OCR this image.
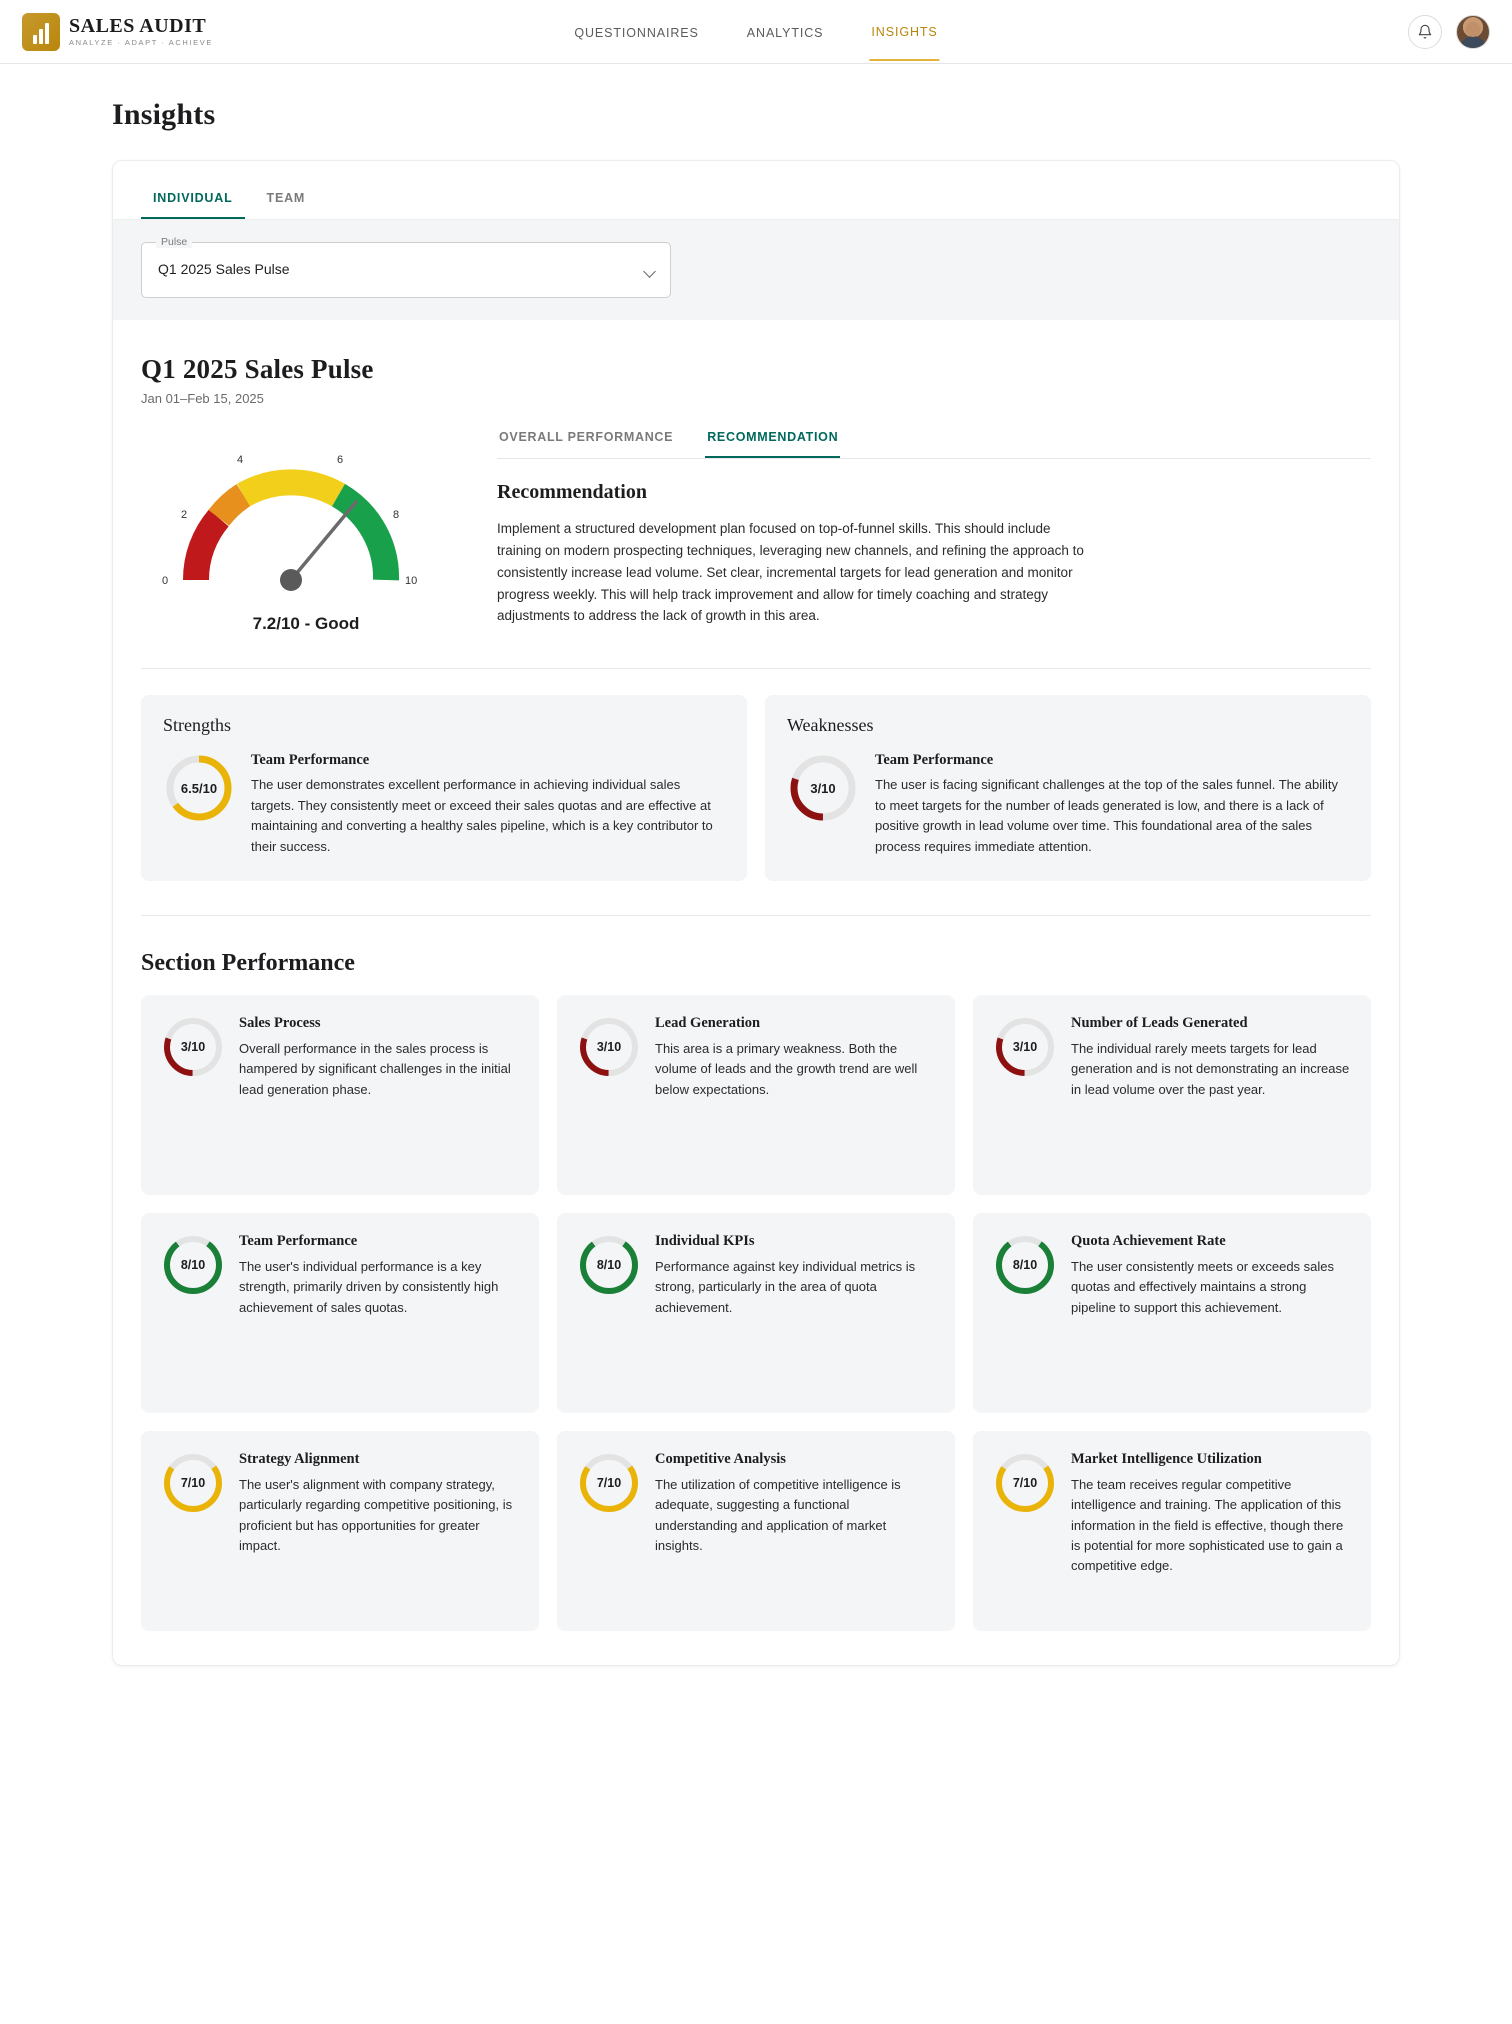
SALES AUDIT
ANALYZE · ADAPT · ACHIEVE
QUESTIONNAIRES	ANALYTICS	INSIGHTS
Insights
INDIVIDUAL	TEAM
Pulse
Q1 2025 Sales Pulse
Q1 2025 Sales Pulse
Jan 01–Feb 15, 2025
0
2
4	6
8
10
7.2/10 - Good
OVERALL PERFORMANCE	RECOMMENDATION
Recommendation
Implement a structured development plan focused on top-of-funnel skills. This should include training on modern prospecting techniques, leveraging new channels, and refining the approach to consistently increase lead volume. Set clear, incremental targets for lead generation and monitor progress weekly. This will help track improvement and allow for timely coaching and strategy adjustments to address the lack of growth in this area.
Strengths
6.5/10
Team Performance
The user demonstrates excellent performance in achieving individual sales targets. They consistently meet or exceed their sales quotas and are effective at maintaining and converting a healthy sales pipeline, which is a key contributor to their success.
Weaknesses
3/10
Team Performance
The user is facing significant challenges at the top of the sales funnel. The ability to meet targets for the number of leads generated is low, and there is a lack of positive growth in lead volume over time. This foundational area of the sales process requires immediate attention.
Section Performance
3/10
Sales Process
Overall performance in the sales process is hampered by significant challenges in the initial lead generation phase.
3/10
Lead Generation
This area is a primary weakness. Both the volume of leads and the growth trend are well below expectations.
3/10
Number of Leads Generated
The individual rarely meets targets for lead generation and is not demonstrating an increase in lead volume over the past year.
8/10
Team Performance
The user's individual performance is a key strength, primarily driven by consistently high achievement of sales quotas.
8/10
Individual KPIs
Performance against key individual metrics is strong, particularly in the area of quota achievement.
8/10
Quota Achievement Rate
The user consistently meets or exceeds sales quotas and effectively maintains a strong pipeline to support this achievement.
7/10
Strategy Alignment
The user's alignment with company strategy, particularly regarding competitive positioning, is proficient but has opportunities for greater impact.
7/10
Competitive Analysis
The utilization of competitive intelligence is adequate, suggesting a functional understanding and application of market insights.
7/10
Market Intelligence Utilization
The team receives regular competitive intelligence and training. The application of this information in the field is effective, though there is potential for more sophisticated use to gain a competitive edge.
